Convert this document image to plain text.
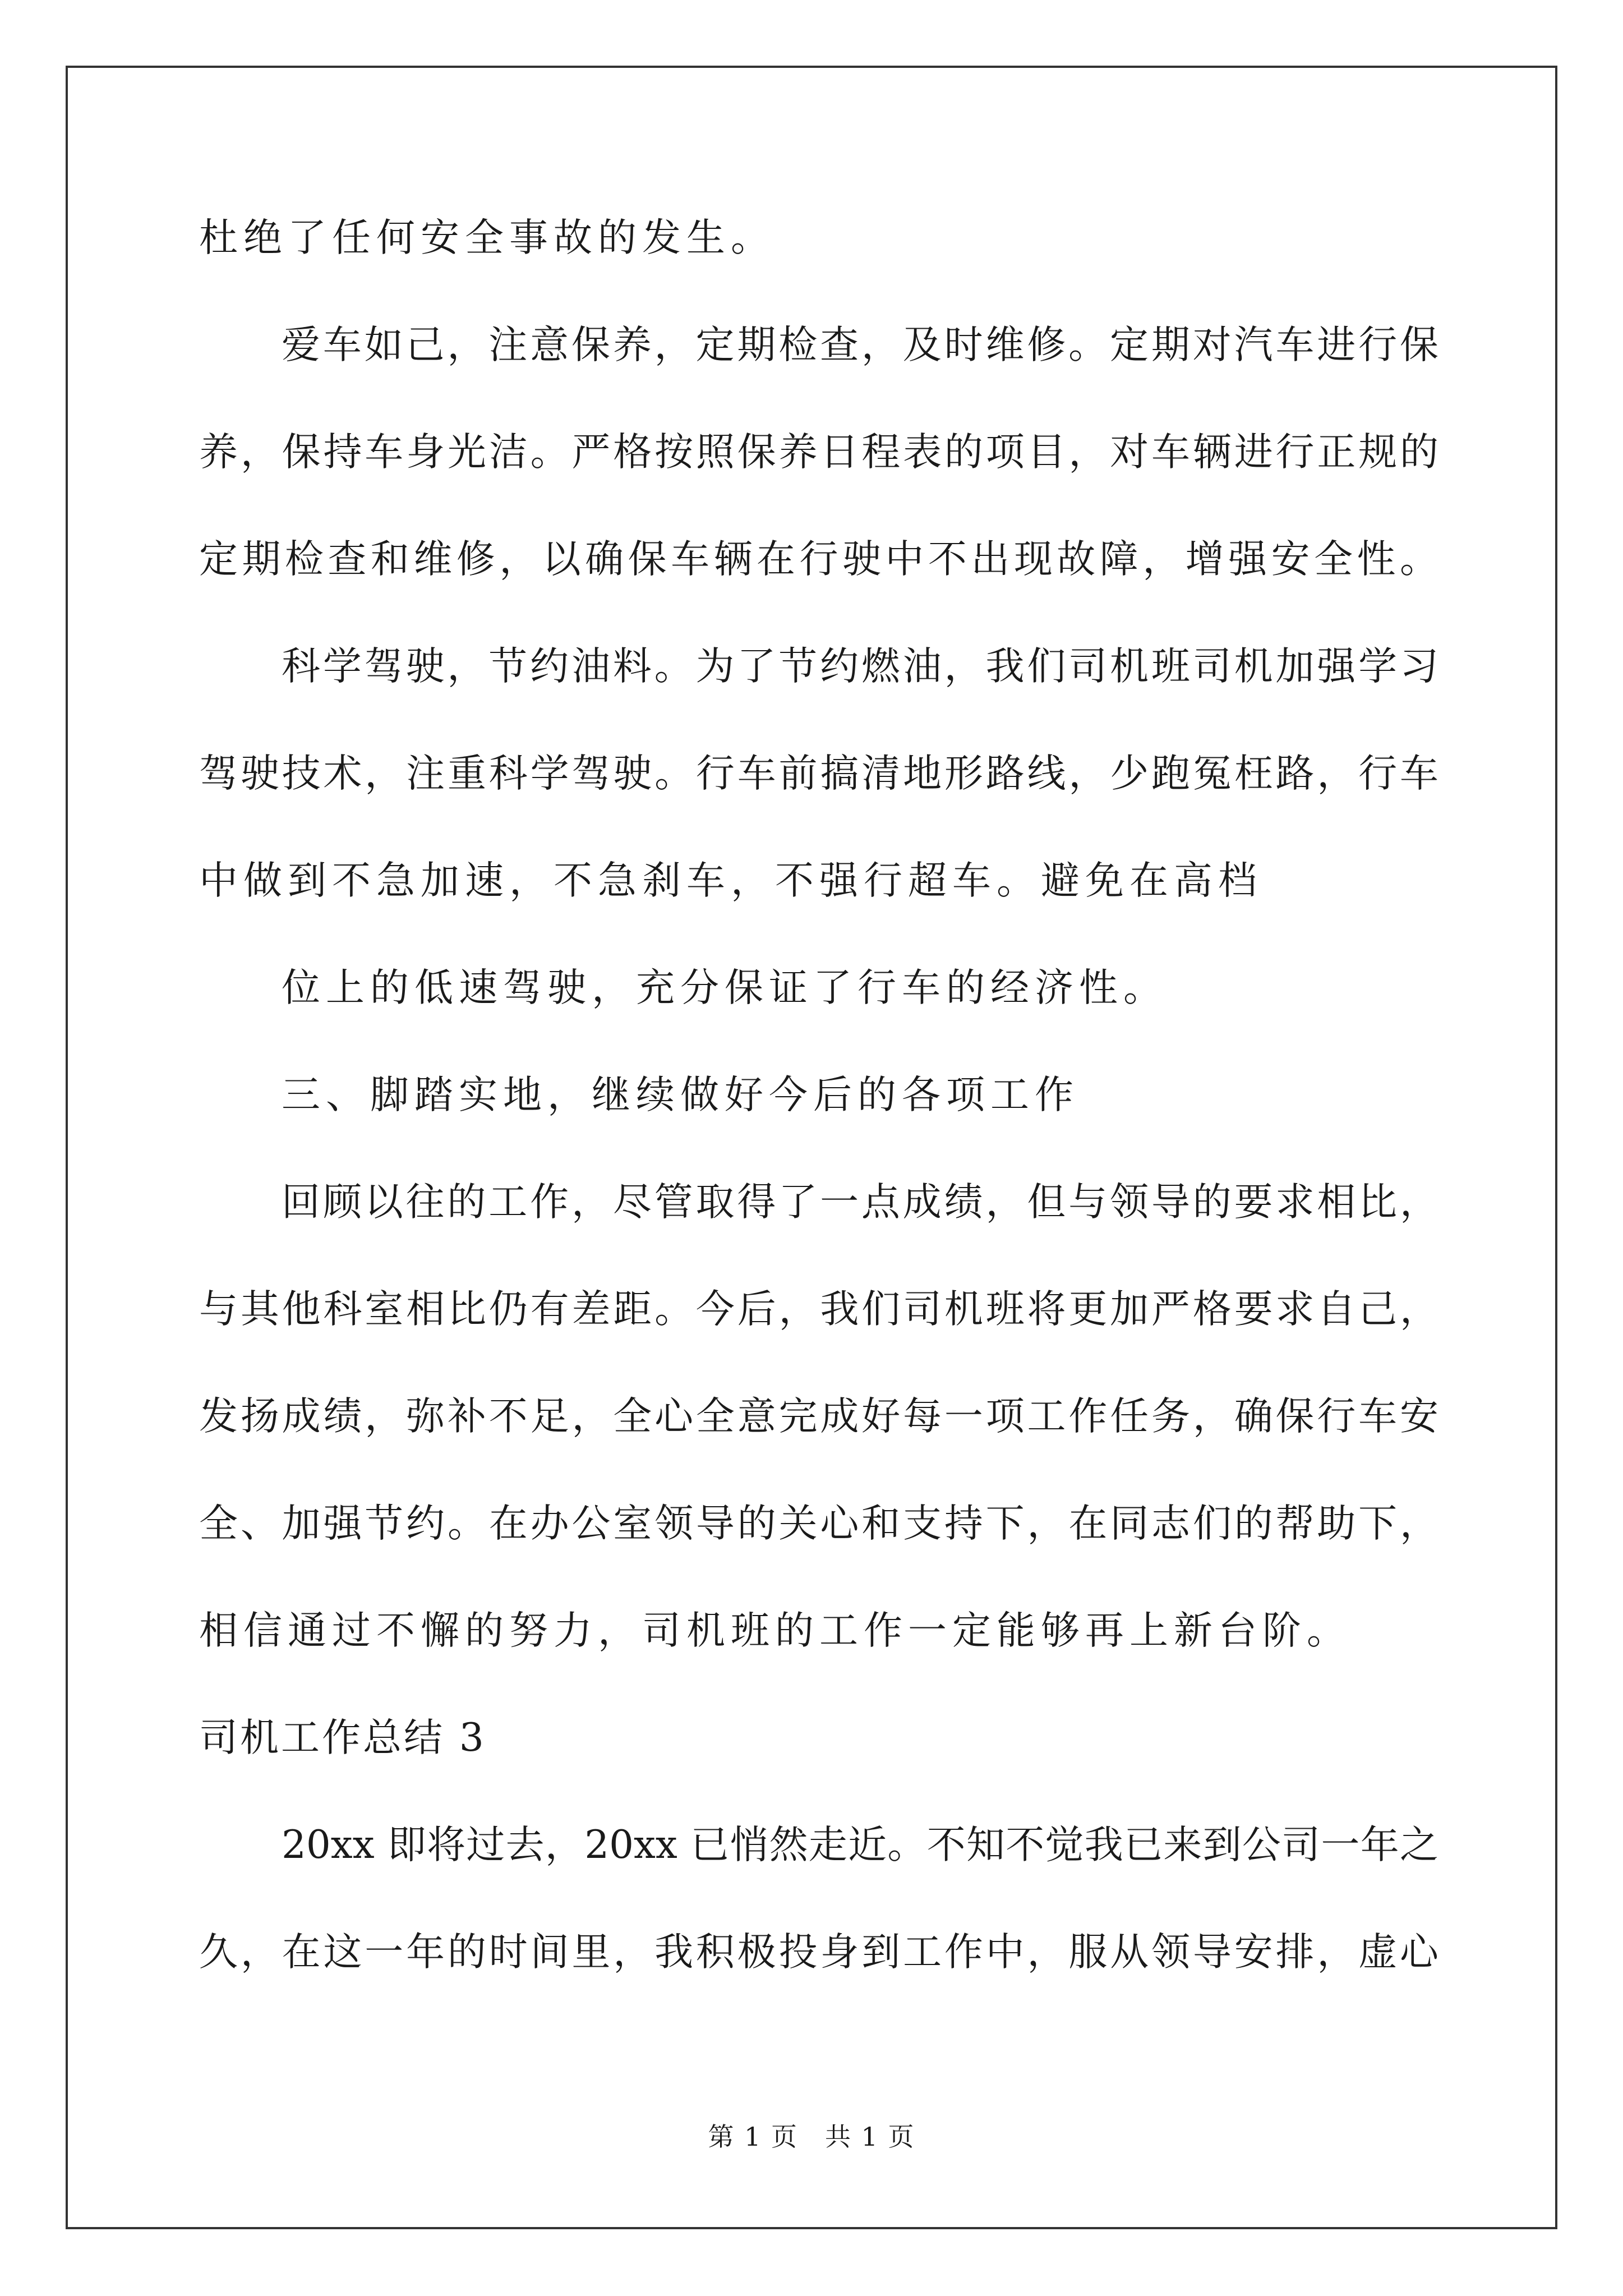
杜绝了任何安全事故的发生。
爱车如己，注意保养，定期检查，及时维修。定期对汽车进行保
养，保持车身光洁。严格按照保养日程表的项目，对车辆进行正规的
定期检查和维修，以确保车辆在行驶中不出现故障，增强安全性。
科学驾驶，节约油料。为了节约燃油，我们司机班司机加强学习
驾驶技术，注重科学驾驶。行车前搞清地形路线，少跑冤枉路，行车
中做到不急加速，不急刹车，不强行超车。避免在高档
位上的低速驾驶，充分保证了行车的经济性。
三、脚踏实地，继续做好今后的各项工作
回顾以往的工作，尽管取得了一点成绩，但与领导的要求相比，
与其他科室相比仍有差距。今后，我们司机班将更加严格要求自己，
发扬成绩，弥补不足，全心全意完成好每一项工作任务，确保行车安
全、加强节约。在办公室领导的关心和支持下，在同志们的帮助下，
相信通过不懈的努力，司机班的工作一定能够再上新台阶。
司机工作总结 3
20xx 即将过去，20xx 已悄然走近。不知不觉我已来到公司一年之
久，在这一年的时间里，我积极投身到工作中，服从领导安排，虚心
第 1 页　共 1 页
